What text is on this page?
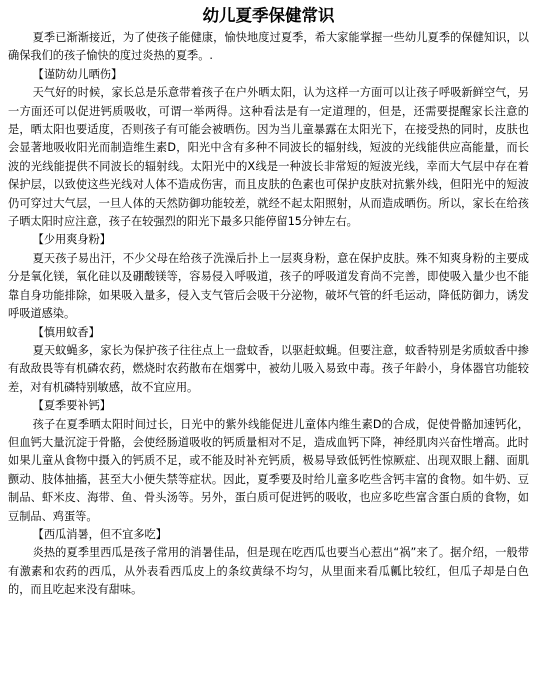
幼儿夏季保健常识

夏季已渐渐接近，为了使孩子能健康，愉快地度过夏季，希大家能掌握一些幼儿夏季的保健知识，以确保我们的孩子愉快的度过炎热的夏季。.

【谨防幼儿晒伤】

天气好的时候，家长总是乐意带着孩子在户外晒太阳，认为这样一方面可以让孩子呼吸新鲜空气，另一方面还可以促进钙质吸收，可谓一举两得。这种看法是有一定道理的，但是，还需要提醒家长注意的是，晒太阳也要适度，否则孩子有可能会被晒伤。因为当儿童暴露在太阳光下，在接受热的同时，皮肤也会显著地吸收阳光而制造维生素D，阳光中含有多种不同波长的辐射线，短波的光线能供应高能量，而长波的光线能提供不同波长的辐射线。太阳光中的X线是一种波长非常短的短波光线，幸而大气层中存在着保护层，以致使这些光线对人体不造成伤害，而且皮肤的色素也可保护皮肤对抗紫外线，但阳光中的短波仍可穿过大气层，一旦人体的天然防御功能较差，就经不起太阳照射，从而造成晒伤。所以，家长在给孩子晒太阳时应注意，孩子在较强烈的阳光下最多只能停留15分钟左右。

【少用爽身粉】

夏天孩子易出汗，不少父母在给孩子洗澡后扑上一层爽身粉，意在保护皮肤。殊不知爽身粉的主要成分是氧化镁，氧化硅以及硼酸镁等，容易侵入呼吸道，孩子的呼吸道发育尚不完善，即使吸入量少也不能靠自身功能排除，如果吸入量多，侵入支气管后会吸干分泌物，破坏气管的纤毛运动，降低防御力，诱发呼吸道感染。

【慎用蚊香】

夏天蚊蝇多，家长为保护孩子往往点上一盘蚊香，以驱赶蚊蝇。但要注意，蚊香特别是劣质蚊香中掺有敌敌畏等有机磷农药，燃烧时农药散布在烟雾中，被幼儿吸入易致中毒。孩子年龄小，身体器官功能较差，对有机磷特别敏感，故不宜应用。

【夏季要补钙】

孩子在夏季晒太阳时间过长，日光中的紫外线能促进儿童体内维生素D的合成，促使骨骼加速钙化，但血钙大量沉淀于骨骼，会使经肠道吸收的钙质量相对不足，造成血钙下降，神经肌肉兴奋性增高。此时如果儿童从食物中摄入的钙质不足，或不能及时补充钙质，极易导致低钙性惊厥症、出现双眼上翻、面肌颤动、肢体抽搐，甚至大小便失禁等症状。因此，夏季要及时给儿童多吃些含钙丰富的食物。如牛奶、豆制品、虾米皮、海带、鱼、骨头汤等。另外，蛋白质可促进钙的吸收，也应多吃些富含蛋白质的食物，如豆制品、鸡蛋等。

【西瓜消暑，但不宜多吃】

炎热的夏季里西瓜是孩子常用的消暑佳品，但是现在吃西瓜也要当心惹出“祸”来了。据介绍，一般带有激素和农药的西瓜，从外表看西瓜皮上的条纹黄绿不均匀，从里面来看瓜瓤比较红，但瓜子却是白色的，而且吃起来没有甜味。
